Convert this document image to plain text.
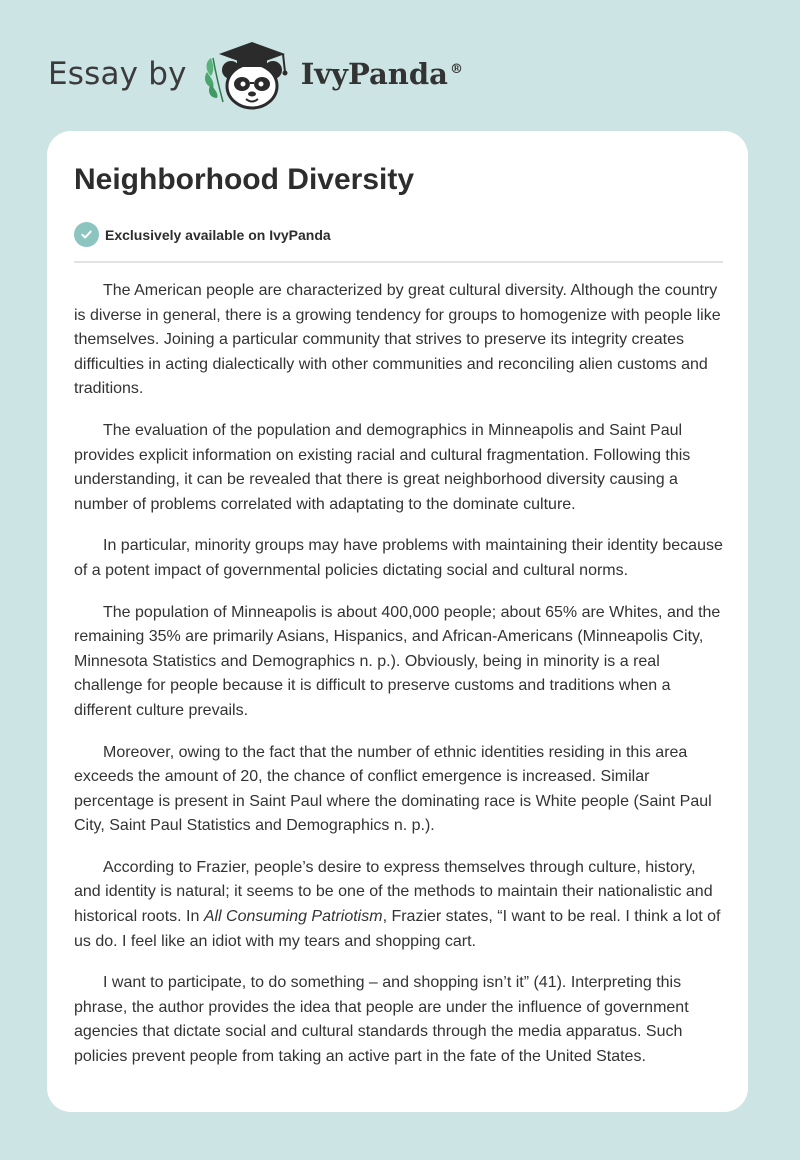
Essay by	IvyPanda ®
Neighborhood Diversity
Exclusively available on IvyPanda

The American people are characterized by great cultural diversity. Although the country is diverse in general, there is a growing tendency for groups to homogenize with people like themselves. Joining a particular community that strives to preserve its integrity creates difficulties in acting dialectically with other communities and reconciling alien customs and traditions.

The evaluation of the population and demographics in Minneapolis and Saint Paul provides explicit information on existing racial and cultural fragmentation. Following this understanding, it can be revealed that there is great neighborhood diversity causing a number of problems correlated with adaptating to the dominate culture.

In particular, minority groups may have problems with maintaining their identity because of a potent impact of governmental policies dictating social and cultural norms.

The population of Minneapolis is about 400,000 people; about 65% are Whites, and the remaining 35% are primarily Asians, Hispanics, and African-Americans (Minneapolis City, Minnesota Statistics and Demographics n. p.). Obviously, being in minority is a real challenge for people because it is difficult to preserve customs and traditions when a different culture prevails.

Moreover, owing to the fact that the number of ethnic identities residing in this area exceeds the amount of 20, the chance of conflict emergence is increased. Similar percentage is present in Saint Paul where the dominating race is White people (Saint Paul City, Saint Paul Statistics and Demographics n. p.).

According to Frazier, people’s desire to express themselves through culture, history, and identity is natural; it seems to be one of the methods to maintain their nationalistic and historical roots. In All Consuming Patriotism, Frazier states, “I want to be real. I think a lot of us do. I feel like an idiot with my tears and shopping cart.

I want to participate, to do something – and shopping isn’t it” (41). Interpreting this phrase, the author provides the idea that people are under the influence of government agencies that dictate social and cultural standards through the media apparatus. Such policies prevent people from taking an active part in the fate of the United States.
